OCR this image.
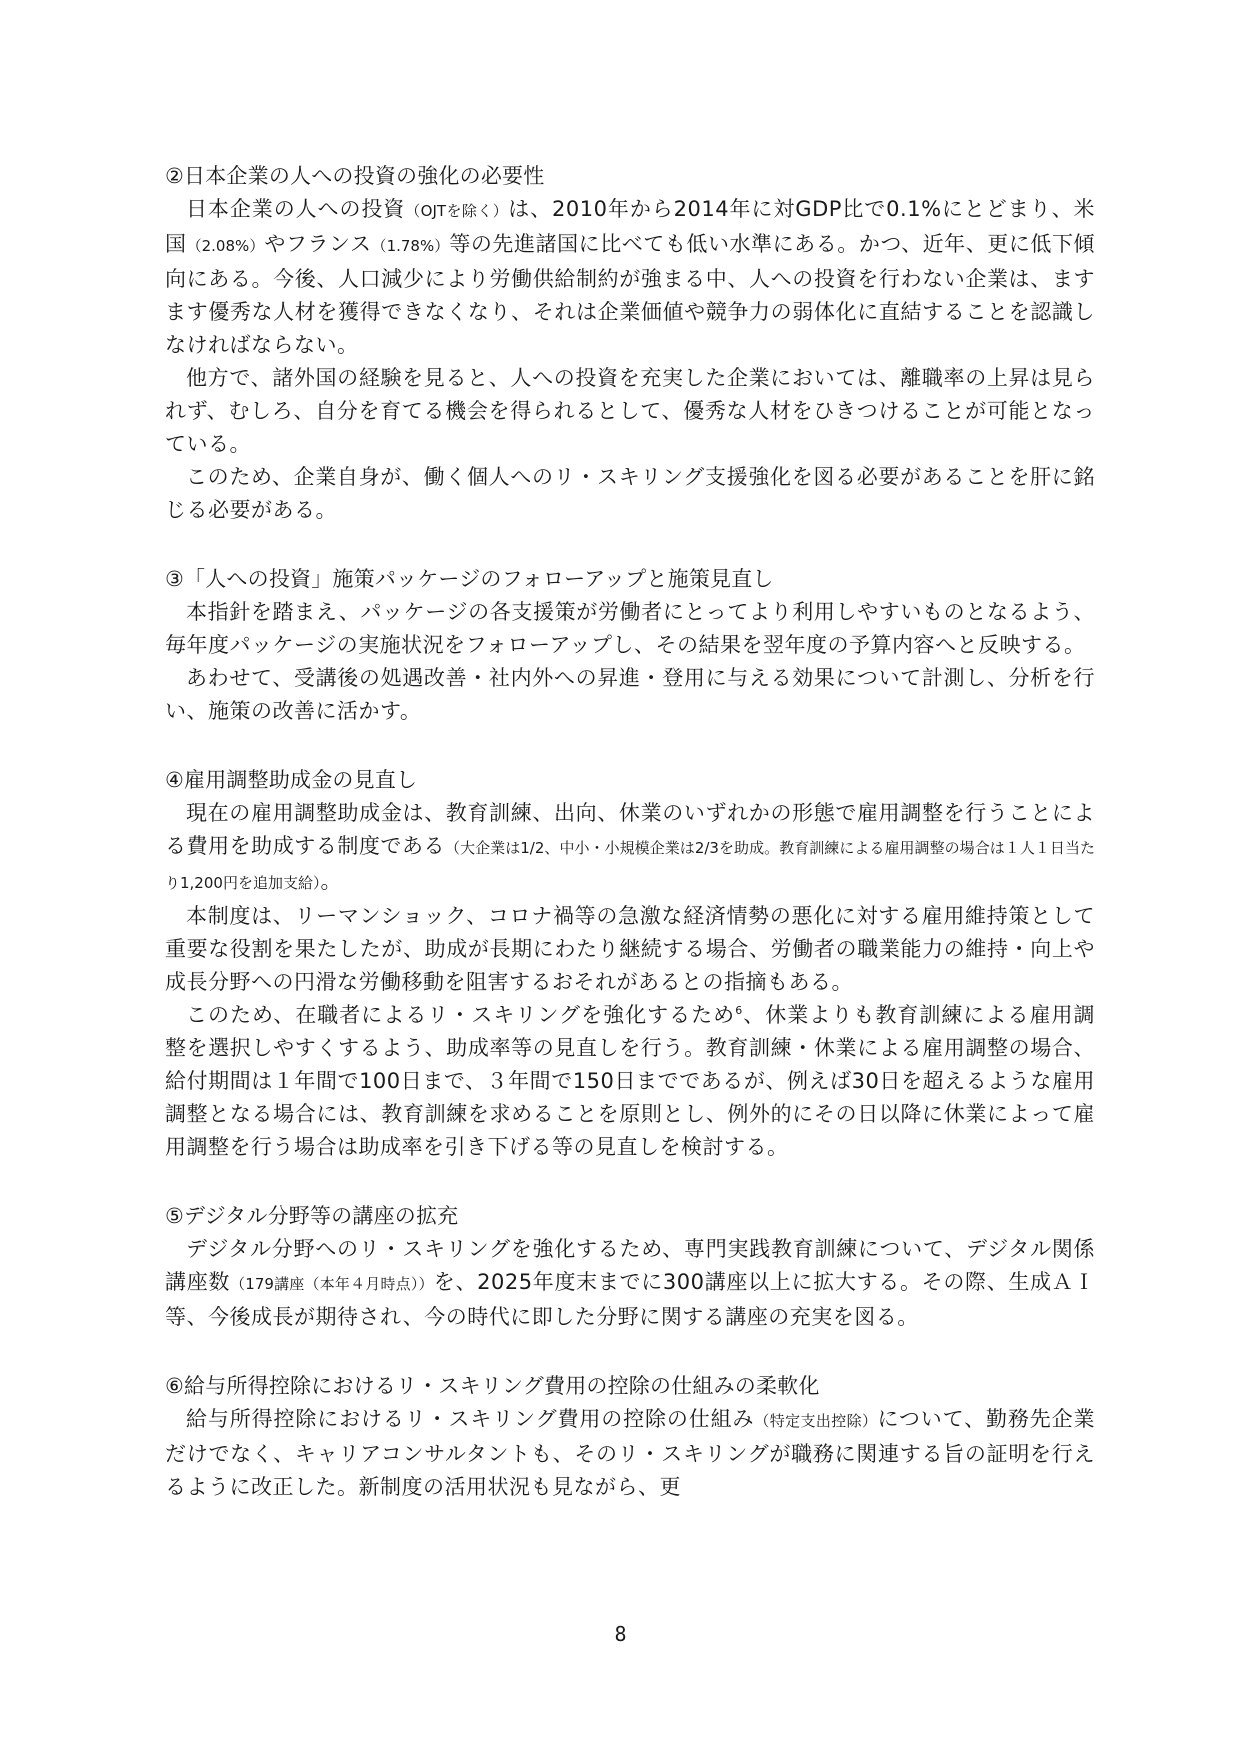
②日本企業の人への投資の強化の必要性

日本企業の人への投資（OJTを除く）は、2010年から2014年に対GDP比で0.1%にとどまり、米国（2.08%）やフランス（1.78%）等の先進諸国に比べても低い水準にある。かつ、近年、更に低下傾向にある。今後、人口減少により労働供給制約が強まる中、人への投資を行わない企業は、ますます優秀な人材を獲得できなくなり、それは企業価値や競争力の弱体化に直結することを認識しなければならない。

他方で、諸外国の経験を見ると、人への投資を充実した企業においては、離職率の上昇は見られず、むしろ、自分を育てる機会を得られるとして、優秀な人材をひきつけることが可能となっている。

このため、企業自身が、働く個人へのリ・スキリング支援強化を図る必要があることを肝に銘じる必要がある。

③「人への投資」施策パッケージのフォローアップと施策見直し

本指針を踏まえ、パッケージの各支援策が労働者にとってより利用しやすいものとなるよう、毎年度パッケージの実施状況をフォローアップし、その結果を翌年度の予算内容へと反映する。

あわせて、受講後の処遇改善・社内外への昇進・登用に与える効果について計測し、分析を行い、施策の改善に活かす。

④雇用調整助成金の見直し

現在の雇用調整助成金は、教育訓練、出向、休業のいずれかの形態で雇用調整を行うことによる費用を助成する制度である（大企業は1/2、中小・小規模企業は2/3を助成。教育訓練による雇用調整の場合は１人１日当たり1,200円を追加支給）。

本制度は、リーマンショック、コロナ禍等の急激な経済情勢の悪化に対する雇用維持策として重要な役割を果たしたが、助成が長期にわたり継続する場合、労働者の職業能力の維持・向上や成長分野への円滑な労働移動を阻害するおそれがあるとの指摘もある。

このため、在職者によるリ・スキリングを強化するため$^6$、休業よりも教育訓練による雇用調整を選択しやすくするよう、助成率等の見直しを行う。教育訓練・休業による雇用調整の場合、給付期間は１年間で100日まで、３年間で150日までであるが、例えば30日を超えるような雇用調整となる場合には、教育訓練を求めることを原則とし、例外的にその日以降に休業によって雇用調整を行う場合は助成率を引き下げる等の見直しを検討する。

⑤デジタル分野等の講座の拡充

デジタル分野へのリ・スキリングを強化するため、専門実践教育訓練について、デジタル関係講座数（179講座（本年４月時点））を、2025年度末までに300講座以上に拡大する。その際、生成ＡＩ等、今後成長が期待され、今の時代に即した分野に関する講座の充実を図る。

⑥給与所得控除におけるリ・スキリング費用の控除の仕組みの柔軟化

給与所得控除におけるリ・スキリング費用の控除の仕組み（特定支出控除）について、勤務先企業だけでなく、キャリアコンサルタントも、そのリ・スキリングが職務に関連する旨の証明を行えるように改正した。新制度の活用状況も見ながら、更

8
